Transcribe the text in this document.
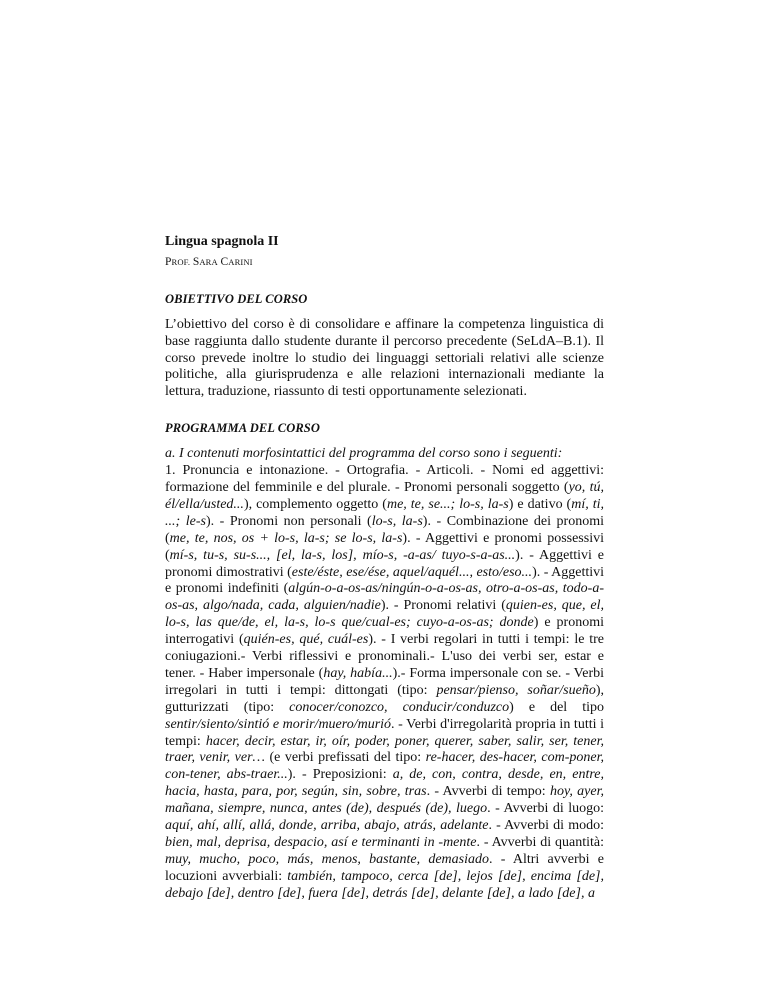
Lingua spagnola II

PROF. SARA CARINI

OBIETTIVO DEL CORSO

L’obiettivo del corso è di consolidare e affinare la competenza linguistica di base raggiunta dallo studente durante il percorso precedente (SeLdA–B.1). Il corso prevede inoltre lo studio dei linguaggi settoriali relativi alle scienze politiche, alla giurisprudenza e alle relazioni internazionali mediante la lettura, traduzione, riassunto di testi opportunamente selezionati.

PROGRAMMA DEL CORSO

a. I contenuti morfosintattici del programma del corso sono i seguenti:

1. Pronuncia e intonazione. - Ortografia. - Articoli. - Nomi ed aggettivi: formazione del femminile e del plurale. - Pronomi personali soggetto (yo, tú, él/ella/usted...), complemento oggetto (me, te, se...; lo-s, la-s) e dativo (mí, ti, ...; le-s). - Pronomi non personali (lo-s, la-s). - Combinazione dei pronomi (me, te, nos, os + lo-s, la-s; se lo-s, la-s). - Aggettivi e pronomi possessivi (mí-s, tu-s, su-s..., [el, la-s, los], mío-s, -a-as/ tuyo-s-a-as...). - Aggettivi e pronomi dimostrativi (este/éste, ese/ése, aquel/aquél..., esto/eso...). - Aggettivi e pronomi indefiniti (algún-o-a-os-as/ningún-o-a-os-as, otro-a-os-as, todo-a-os-as, algo/nada, cada, alguien/nadie). - Pronomi relativi (quien-es, que, el, lo-s, las que/de, el, la-s, lo-s que/cual-es; cuyo-a-os-as; donde) e pronomi interrogativi (quién-es, qué, cuál-es). - I verbi regolari in tutti i tempi: le tre coniugazioni.- Verbi riflessivi e pronominali.- L'uso dei verbi ser, estar e tener. - Haber impersonale (hay, había...).- Forma impersonale con se. - Verbi irregolari in tutti i tempi: dittongati (tipo: pensar/pienso, soñar/sueño), gutturizzati (tipo: conocer/conozco, conducir/conduzco) e del tipo sentir/siento/sintió e morir/muero/murió. - Verbi d'irregolarità propria in tutti i tempi: hacer, decir, estar, ir, oír, poder, poner, querer, saber, salir, ser, tener, traer, venir, ver… (e verbi prefissati del tipo: re-hacer, des-hacer, com-poner, con-tener, abs-traer...). - Preposizioni: a, de, con, contra, desde, en, entre, hacia, hasta, para, por, según, sin, sobre, tras. - Avverbi di tempo: hoy, ayer, mañana, siempre, nunca, antes (de), después (de), luego. - Avverbi di luogo: aquí, ahí, allí, allá, donde, arriba, abajo, atrás, adelante. - Avverbi di modo: bien, mal, deprisa, despacio, así e terminanti in -mente. - Avverbi di quantità: muy, mucho, poco, más, menos, bastante, demasiado. - Altri avverbi e locuzioni avverbiali: también, tampoco, cerca [de], lejos [de], encima [de], debajo [de], dentro [de], fuera [de], detrás [de], delante [de], a lado [de], a
